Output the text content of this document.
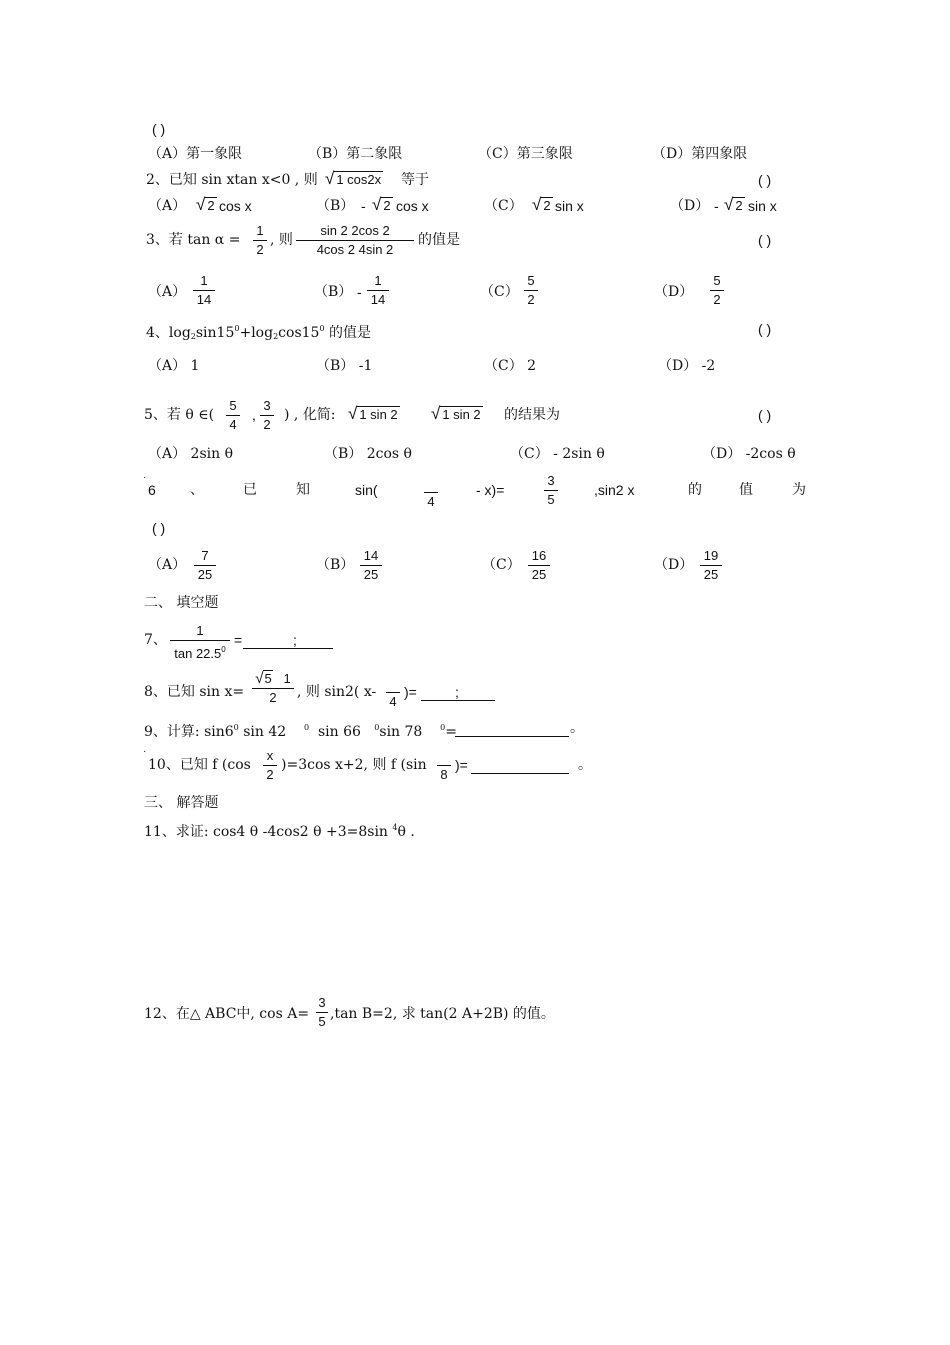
( )
（A）第一象限	（B）第二象限	（C）第三象限	（D）第四象限
2、已知 sin xtan x<0 , 则 √ 1 cos2x 等于	( )
（A） √ 2 cos x	（B） - √ 2 cos x	（C） √ 2 sin x	（D） - √ 2 sin x
3、若 $\tan \alpha = \frac{1}{2}$ , 则 $\frac{\sin 2 2\cos 2}{4\cos 2 4\sin 2}$ 的值是	( )
$(A) \frac{1}{14}$	$(B) - \frac{1}{14}$	$(C) \frac{5}{2}$	$(D) \frac{5}{2}$
4、$\log_2\sin 15^0+\log_2\cos 15^0$ 的值是	( )
（A） 1	（B） -1	（C） 2	（D） -2
5、若 θ ∈( $\frac{5}{4}$ , $\frac{3}{2}$ ) , 化简: √ 1 sin 2 √ 1 sin 2 的结果为	( )
（A） 2sin θ	（B） 2cos θ	（C） - 2sin θ	（D） -2cos θ
·
6 、	已	知	sin(
4
- x)=	$\frac{3}{5}$	,sin2 x	的	值	为
( )
$(A) \frac{7}{25}$	$(B) \frac{14}{25}$	$(C) \frac{16}{25}$	$(D) \frac{19}{25}$
二、 填空题
7、 $\frac{1}{\tan 22.5^0}$ =	;
8、已知 $\sin x= \frac{√5 1}{2}$ , 则 sin2( x-
4
)=	;
9、计算: $\sin 6^0$ sin 42 $^0$ sin 66 $^0$sin 78 $^0$=	。
·
10、已知 f $(\cos \frac{x}{2} )=3\cos$ x+2, 则 f (sin
8
)=	。
三、 解答题
11、求证: cos4 θ -4cos2 θ +3=8sin $^4$θ .
12、在△ ABC中, $\cos A= \frac{3}{5} ,\tan$ B=2, 求 tan(2 A+2B) 的值。
